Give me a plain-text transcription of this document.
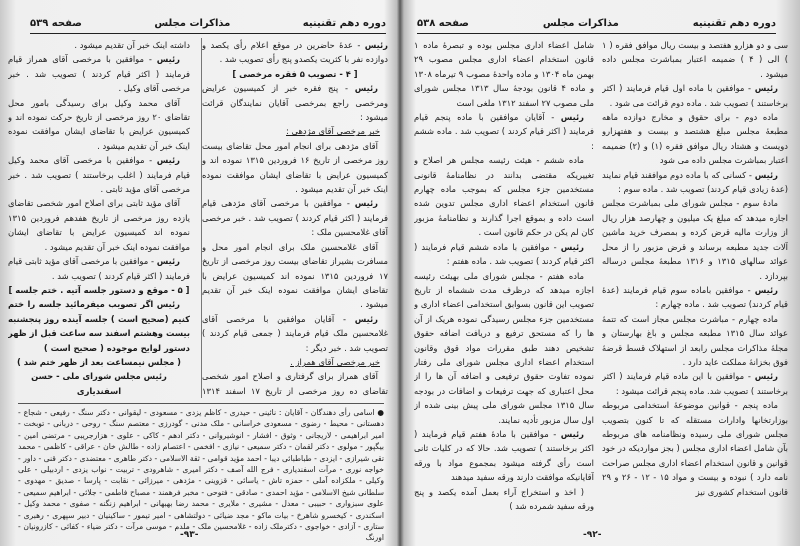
دوره دهم تقنینیه
مذاکرات مجلس
صفحه ۵۳۹

رئیس - عدهٔ حاضرین در موقع اعلام رأی یکصد و دوازده نفر با کثریت یکصدو پنج رأی تصویب شد .

[ ۴ - تصویب ۵ فقره مرخصی ]

رئیس - پنج فقره خبر از کمیسیون عرایض ومرخصی راجع بمرخصی آقایان نمایندگان قرائت میشود :

خبر مرخصی آقای مژدهی :

آقای مژدهی برای انجام امور محل تقاضای بیست روز مرخصی از تاریخ ۱۶ فروردین ۱۳۱۵ نموده اند و کمیسیون عرایض با تقاضای ایشان موافقت نموده اینک خبر آن تقدیم میشود .

رئیس - موافقین با مرخصی آقای مژدهی قیام فرمایند ( اکثر قیام کردند ) تصویب شد . خبر مرخصی آقای غلامحسین ملک :

آقای غلامحسین ملک برای انجام امور محل و مسافرت بشیراز تقاضای بیست روز مرخصی از تاریخ ۱۷ فروردین ۱۳۱۵ نموده اند کمیسیون عرایض با تقاضای ایشان موافقت نموده اینک خبر آن تقدیم میشود .

رئیس - آقایان موافقین با مرخصی آقای غلامحسین ملک قیام فرمایند ( جمعی قیام کردند ) تصویب شد . خبر دیگر :

خبر مرخصی آقای همراز .

آقای همراز برای گرفتاری و اصلاح امور شخصی تقاضای ده روز مرخصی از تاریخ ۱۷ اسفند ۱۳۱۴

داشته اینک خبر آن تقدیم میشود .

رئیس - موافقین با مرخصی آقای همراز قیام فرمایند ( اکثر قیام کردند ) تصویب شد . خبر مرخصی آقای وکیل .

آقای محمد وکیل برای رسیدگی بامور محل تقاضای ۲۰ روز مرخصی از تاریخ حرکت نموده اند و کمیسیون عرایض با تقاضای ایشان موافقت نموده اینک خبر آن تقدیم میشود .

رئیس - موافقین با مرخصی آقای محمد وکیل قیام فرمایند ( اغلب برخاستند ) تصویب شد . خبر مرخصی آقای مؤید ثابتی .

آقای مؤید ثابتی برای اصلاح امور شخصی تقاضای یازده روز مرخصی از تاریخ هفدهم فروردین ۱۳۱۵ نموده اند کمیسیون عرایض با تقاضای ایشان موافقت نموده اینک خبر آن تقدیم میشود .

رئیس - موافقین با مرخصی آقای مؤید ثابتی قیام فرمایند ( اکثر قیام کردند ) تصویب شد .

[ ۵ - موقع و دستور جلسه آتیه . ختم جلسه ]

رئیس اگر تصویب میفرمائید جلسه را ختم کنیم (صحیح است ) جلسه آینده روز پنجشنبه بیست وهشتم اسفند سه ساعت قبل از ظهر دستور لوایح موجوده ( صحیح است )

( مجلس نیمساعت بعد از ظهر ختم شد )

رئیس مجلس شورای ملی - حسن اسفندیاری

● اسامی رأی دهندگان - آقایان : نائینی - حیدری - کاظم یزدی - مسعودی - لیقوانی - دکتر سنگ - رفیعی - شجاع - دهستانی - محیط - رضوی - مسعودی خراسانی - ملک مدنی - گودرزی - معتصم سنگ - روحی - دربانی - توبخت - امیر ابراهیمی - لاریجانی - وثوق - افشار - انوشیروانی - دکتر ادهم - کاکی - علوی - هزارجریبی - مرتضی امین - بیگپور - مولوی - دکتر لقمان - دکتر سمیعی - نیازی - افخمی - اعتصام زاده - طالش خان - عراقی - کاظمی - محمد تقی شیرازی - ایزدی - طباطبائی دیبا - احمد مؤید قوامی - ثقة الاسلامی - دکتر طاهری - معتضدی - دکتر قنی - داور - خواجه نوری - مرآت اسفندیاری - فرج الله آصف - دکتر امیری - شاهرودی - تربیت - نواب یزدی - اردبیلی - علی وکیلی - ملکزاده آملی - حمزه تاش - یاسائی - قزوینی - مژدهی - میرزائی - نقابت - پارسا - صدیق - مهدوی - سلطانی شیخ الاسلامی - مؤید احمدی - صادقی - فتوحی - مخبر فرهمند - مصباح فاطمی - جلائی - ابراهیم سمیعی - علوی سبزواری - حبیبی - معدل - مشیری - ملایری - محمد رضا بهبهانی - ابراهیم زنگنه - صفوی - محمد وکیل - اسکندری - کیخسرو شاهرخ - بیات ماکو - مجد ضیائی - دولتشاهی - امیر تیمور - ساکینیان - دبیر سپهری - رهبری - ستاری - آزادی - خواجوی - دکترملک زاده - غلامحسین ملک - ملدم - موسی مرآت - دکتر ضیاء - کفائی - کازرونیان - اورنگ
-۹۳-
دوره دهم تقنینیه
مذاکرات مجلس
صفحه ۵۳۸

سی و دو هزارو هفتصد و بیست ریال موافق فقره ( ۱ ) الی ( ۴ ) ضمیمه اعتبار بمباشرت مجلس داده میشود .

رئیس - موافقین با ماده اول قیام فرمایند ( اکثر برخاستند ) تصویب شد . ماده دوم قرائت می شود .

ماده دوم - برای حقوق و مخارج دوازده ماهه مطبعهٔ مجلس مبلغ هشتصد و بیست و هفتهزارو دویست و هشتاد ریال موافق فقره (۱) و (۲) ضمیمه اعتبار بمباشرت مجلس داده می شود

رئیس - کسانی که با ماده دوم موافقند قیام نمایند (عدهٔ زیادی قیام کردند) تصویب شد . ماده سوم :

مادهٔ سوم - مجلس شورای ملی بمباشرت مجلس اجازه میدهد که مبلغ یک میلیون و چهارصد هزار ریال از وزارت مالیه قرض کرده و بمصرف خرید ماشین آلات جدید مطبعه برساند و قرض مزبور را از محل عوائد سالهای ۱۳۱۵ و ۱۳۱۶ مطبعهٔ مجلس درساله بپردازد .

رئیس - موافقین باماده سوم قیام فرمایند (عدهٔ قیام کردند) تصویب شد . ماده چهارم :

ماده چهارم - مباشرت مجلس مجاز است که تتمهٔ عوائد سال ۱۳۱۵ مطبعه مجلس و باغ بهارستان و مجلهٔ مذاکرات مجلس رابعد از استهلاک قسط قرضهٔ فوق بخزانهٔ مملکت عاید دارد .

رئیس - موافقین با این ماده قیام فرمایند ( اکثر برخاستند ) تصویب شد. ماده پنجم قرائت میشود :

ماده پنجم - قوانین موضوعهٔ استخدامی مربوطه بوزارتخانها وادارات مستقله که تا کنون بتصویب مجلس شورای ملی رسیده ونظامنامه های مربوطه بآن شامل اعضاء اداری مجلس ( بجز مواردیکه در خود قوانین و قانون استخدام اعضاء اداری مجلس صراحت نامه دارد ) نبوده و بیست و مواد ۱۵ - ۱۲ - ۲۶ و ۲۹ قانون استخدام کشوری نیز

شامل اعضاء اداری مجلس بوده و تبصرهٔ ماده ۱ قانون استخدام اعضاء اداری مجلس مصوب ۲۹ بهمن ماه ۱۳۰۴ و ماده واحدهٔ مصوب ۹ تیرماه ۱۳۰۸ و ماده ۴ قانون بودجهٔ سال ۱۳۱۳ مجلس شورای ملی مصوب ۲۷ اسفند ۱۳۱۲ ملغی است

رئیس - آقایان موافقین با ماده پنجم قیام فرمایند ( اکثر قیام کردند ) تصویب شد . ماده ششم :

ماده ششم - هیئت رئیسه مجلس هر اصلاح و تغییریکه مقتضی بدانند در نظامنامهٔ قانونی مستخدمین جزء مجلس که بموجب ماده چهارم قانون استخدام اعضاء اداری مجلس تدوین شده است داده و بموقع اجرا گذارند و نظامنامهٔ مزبور کان لم یکن در حکم قانون است .

رئیس - موافقین با ماده ششم قیام فرمایند ( اکثر قیام کردند ) تصویب شد . ماده هفتم :

ماده هفتم - مجلس شورای ملی بهیئت رئیسه اجازه میدهد که درظرف مدت ششماه از تاریخ تصویب این قانون بسوابق استخدامی اعضاء اداری و مستخدمین جزء مجلس رسیدگی نموده هریک از آن ها را که مستحق ترفیع و دریافت اضافه حقوق تشخیص دهند طبق مقررات مواد قوق وقانون استخدام اعضاء اداری مجلس شورای ملی رفتار نموده تفاوت حقوق ترفیعی و اضافه آن ها را از محل اعتباری که جهت ترفیعات و اضافات در بودجه سال ۱۳۱۵ مجلس شورای ملی پیش بینی شده از اول سال مزبور تأدیه نمایند.

رئیس - موافقین با مادهٔ هفتم قیام فرمایند ( اکثر برخاستند ) تصویب شد. حالا که در کلیات ثانی است رأی گرفته میشود بمجموع مواد با ورقه آقایانیکه موافقت دارند ورقه سفید میدهند

( اخذ و استخراج آراء بعمل آمده یکصد و پنج ورقه سفید شمرده شد )

-۹۲-
